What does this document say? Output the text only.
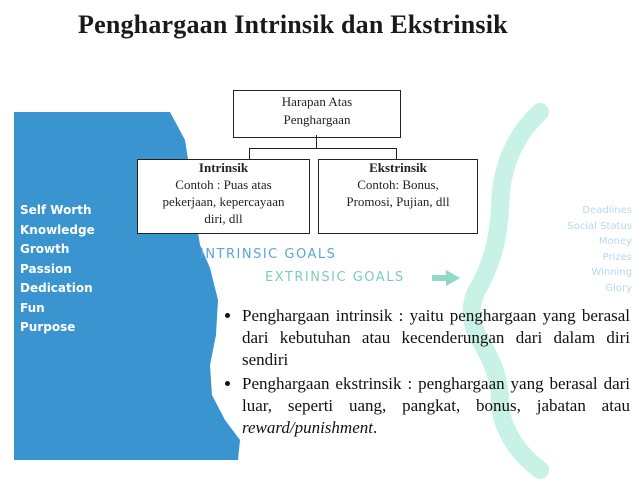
Self Worth
Knowledge
Growth
Passion
Dedication
Fun
Purpose
Deadlines
Social Status
Money
Prizes
Winning
Glory
INTRINSIC GOALS
EXTRINSIC GOALS
Penghargaan Intrinsik dan Ekstrinsik
Harapan Atas
Penghargaan
Intrinsik
Contoh : Puas atas
pekerjaan, kepercayaan
diri, dll
Ekstrinsik
Contoh: Bonus,
Promosi, Pujian, dll
• Penghargaan intrinsik : yaitu penghargaan yang berasal dari kebutuhan atau kecenderungan dari dalam diri sendiri
• Penghargaan ekstrinsik : penghargaan yang berasal dari luar, seperti uang, pangkat, bonus, jabatan atau reward/punishment.
